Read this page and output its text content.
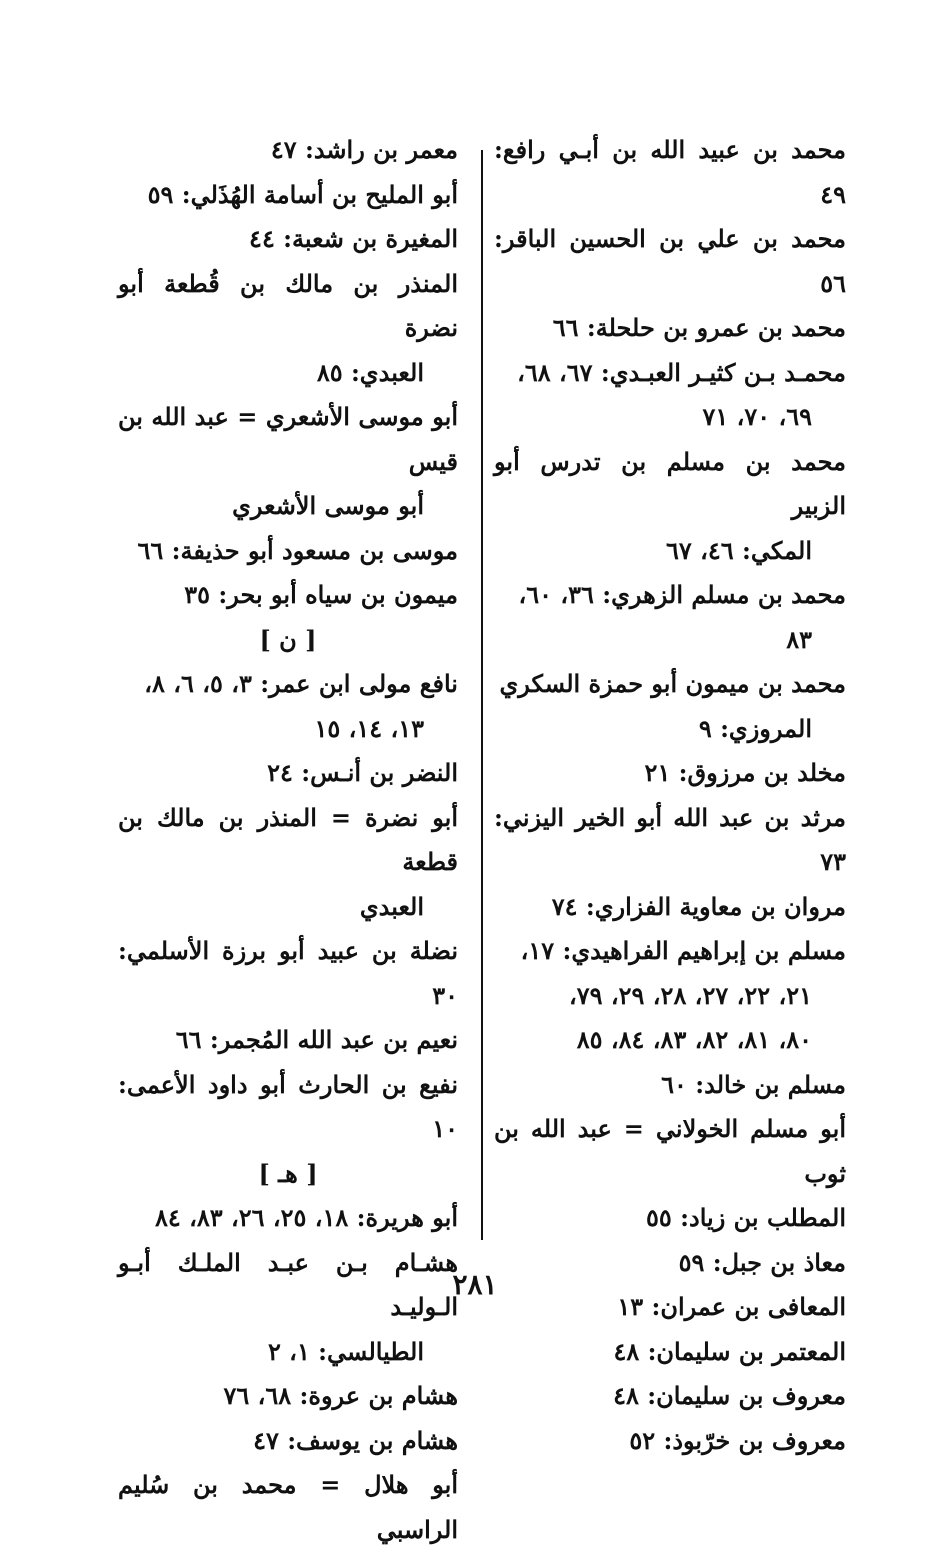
محمد بن عبيد الله بن أبـي رافع: ٤٩

محمد بن علي بن الحسين الباقر: ٥٦

محمد بن عمرو بن حلحلة: ٦٦

محمـد بـن كثيـر العبـدي: ٦٧، ٦٨،

٦٩، ٧٠، ٧١

محمد بن مسلم بن تدرس أبو الزبير

المكي: ٤٦، ٦٧

محمد بن مسلم الزهري: ٣٦، ٦٠،

٨٣

محمد بن ميمون أبو حمزة السكري

المروزي: ٩

مخلد بن مرزوق: ٢١

مرثد بن عبد الله أبو الخير اليزني: ٧٣

مروان بن معاوية الفزاري: ٧٤

مسلم بن إبراهيم الفراهيدي: ١٧،

٢١، ٢٢، ٢٧، ٢٨، ٢٩، ٧٩،

٨٠، ٨١، ٨٢، ٨٣، ٨٤، ٨٥

مسلم بن خالد: ٦٠

أبو مسلم الخولاني = عبد الله بن ثوب

المطلب بن زياد: ٥٥

معاذ بن جبل: ٥٩

المعافى بن عمران: ١٣

المعتمر بن سليمان: ٤٨

معروف بن سليمان: ٤٨

معروف بن خرّبوذ: ٥٢

معمر بن راشد: ٤٧

أبو المليح بن أسامة الهُذَلي: ٥٩

المغيرة بن شعبة: ٤٤

المنذر بن مالك بن قُطعة أبو نضرة

العبدي: ٨٥

أبو موسى الأشعري = عبد الله بن قيس

أبو موسى الأشعري

موسى بن مسعود أبو حذيفة: ٦٦

ميمون بن سياه أبو بحر: ٣٥

[ ن ]

نافع مولى ابن عمر: ٣، ٥، ٦، ٨،

١٣، ١٤، ١٥

النضر بن أنـس: ٢٤

أبو نضرة = المنذر بن مالك بن قطعة

العبدي

نضلة بن عبيد أبو برزة الأسلمي: ٣٠

نعيم بن عبد الله المُجمر: ٦٦

نفيع بن الحارث أبو داود الأعمى: ١٠

[ هـ ]

أبو هريرة: ١٨، ٢٥، ٢٦، ٨٣، ٨٤

هشـام بـن عبـد الملـك أبـو الـوليـد

الطيالسي: ١، ٢

هشام بن عروة: ٦٨، ٧٦

هشام بن يوسف: ٤٧

أبو هلال = محمد بن سُليم الراسبي

٢٨١
